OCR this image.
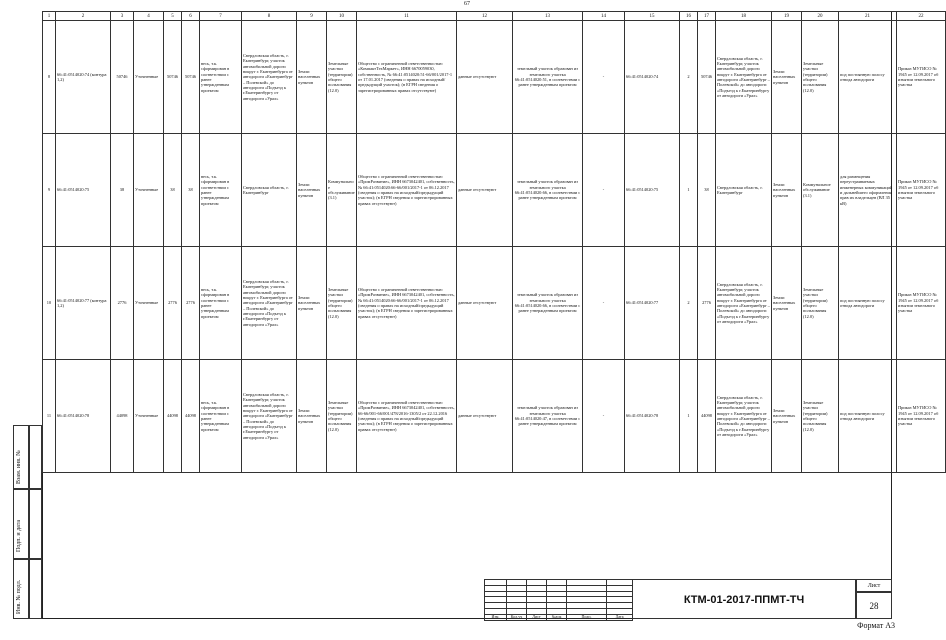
67
1	2	3	4	5	6	7	8	9	10	11	12	13	14	15	16	17	18	19	20	21	22
8	66:41:0514020:74 (контура 1,2)	50746	Уточненные	50746	50746	весь, т.к. сформирован в соответствии с ранее утвержденным проектом	Свердловская область, г. Екатеринбург, участок автомобильной дороги вокруг г. Екатеринбурга от автодороги «Екатеринбург – Полевской» до автодороги «Подъезд к г.Екатеринбургу от автодороги «Урал»	Земли населенных пунктов	Земельные участки (территории) общего пользования (12.0)	Общество с ограниченной ответственностью «КомпактТехМаркет», ИНН 6670059030, собственность, № 66:41:0514020:51-66/001/2017-1 от 17.01.2017 (сведения о правах на исходный/предыдущий участок); (в ЕГРН сведения о зарегистрированных правах отсутствуют)	данные отсутствуют	земельный участок образован из земельного участка 66:41:0514020:51, в соответствии с ранее утвержденным проектом	-	66:41:0514020:74	2	50746	Свердловская область, г. Екатеринбург, участок автомобильной дороги вокруг г. Екатеринбурга от автодороги «Екатеринбург – Полевской» до автодороги «Подъезд к г.Екатеринбургу от автодороги «Урал»	Земли населенных пунктов	Земельные участки (территории) общего пользования (12.0)	под постоянную полосу отвода автодороги	Приказ МУГИСО № 1945 от 12.09.2017 об изъятии земельного участка
9	66:41:0514020:75	38	Уточненные	38	38	весь, т.к. сформирован в соответствии с ранее утвержденным проектом	Свердловская область, г. Екатеринбург	Земли населенных пунктов	Коммунальное обслуживание (3.1)	Общество с ограниченной ответственностью «ПромРазвитие», ИНН 6673042401, собственность, № 66:41:0514020:66-66/001/2017-1 от 06.12.2017 (сведения о правах на исходный/предыдущий участок); (в ЕГРН сведения о зарегистрированных правах отсутствуют)	данные отсутствуют	земельный участок образован из земельного участка 66:41:0514020:66, в соответствии с ранее утвержденным проектом	-	66:41:0514020:75	1	38	Свердловская область, г. Екатеринбург	Земли населенных пунктов	Коммунальное обслуживание (3.1)	для размещения переустраиваемых инженерных коммуникаций и дальнейшего оформления прав их владельцев (ВЛ 35 кВ)	Приказ МУГИСО № 1945 от 12.09.2017 об изъятии земельного участка
10	66:41:0514020:77 (контура 1,2)	2776	Уточненные	2776	2776	весь, т.к. сформирован в соответствии с ранее утвержденным проектом	Свердловская область, г. Екатеринбург, участок автомобильной дороги вокруг г. Екатеринбурга от автодороги «Екатеринбург – Полевской» до автодороги «Подъезд к г.Екатеринбургу от автодороги «Урал»	Земли населенных пунктов	Земельные участки (территории) общего пользования (12.0)	Общество с ограниченной ответственностью «ПромРазвитие», ИНН 6673042401, собственность, № 66:41:0514020:66-66/001/2017-1 от 06.12.2017 (сведения о правах на исходный/предыдущий участок); (в ЕГРН сведения о зарегистрированных правах отсутствуют)	данные отсутствуют	земельный участок образован из земельного участка 66:41:0514020:66, в соответствии с ранее утвержденным проектом	-	66:41:0514020:77	2	2776	Свердловская область, г. Екатеринбург, участок автомобильной дороги вокруг г. Екатеринбурга от автодороги «Екатеринбург – Полевской» до автодороги «Подъезд к г.Екатеринбургу от автодороги «Урал»	Земли населенных пунктов	Земельные участки (территории) общего пользования (12.0)	под постоянную полосу отвода автодороги	Приказ МУГИСО № 1945 от 12.09.2017 об изъятии земельного участка
11	66:41:0514020:78	44098	Уточненные	44098	44098	весь, т.к. сформирован в соответствии с ранее утвержденным проектом	Свердловская область, г. Екатеринбург, участок автомобильной дороги вокруг г. Екатеринбурга от автодороги «Екатеринбург – Полевской» до автодороги «Подъезд к г.Екатеринбургу от автодороги «Урал»	Земли населенных пунктов	Земельные участки (территории) общего пользования (12.0)	Общество с ограниченной ответственностью «ПромРазвитие», ИНН 6673042401, собственность, 66-66/001-66/001/478/2016-1305/2 от 22.12.2016 (сведения о правах на исходный/предыдущий участок); (в ЕГРН сведения о зарегистрированных правах отсутствуют)	данные отсутствуют	земельный участок образован из земельного участка 66:41:0514020:47, в соответствии с ранее утвержденным проектом	-	66:41:0514020:78	1	44098	Свердловская область, г. Екатеринбург, участок автомобильной дороги вокруг г. Екатеринбурга от автодороги «Екатеринбург – Полевской» до автодороги «Подъезд к г.Екатеринбургу от автодороги «Урал»	Земли населенных пунктов	Земельные участки (территории) общего пользования (12.0)	под постоянную полосу отвода автодороги	Приказ МУГИСО № 1945 от 12.09.2017 об изъятии земельного участка
Взам. инв. №
Подп. и дата
Инв. № подл.

Изм.	Кол.уч	Лист	№док	Подп.	Дата
КТМ-01-2017-ППМТ-ТЧ
Лист
28
Формат А3
